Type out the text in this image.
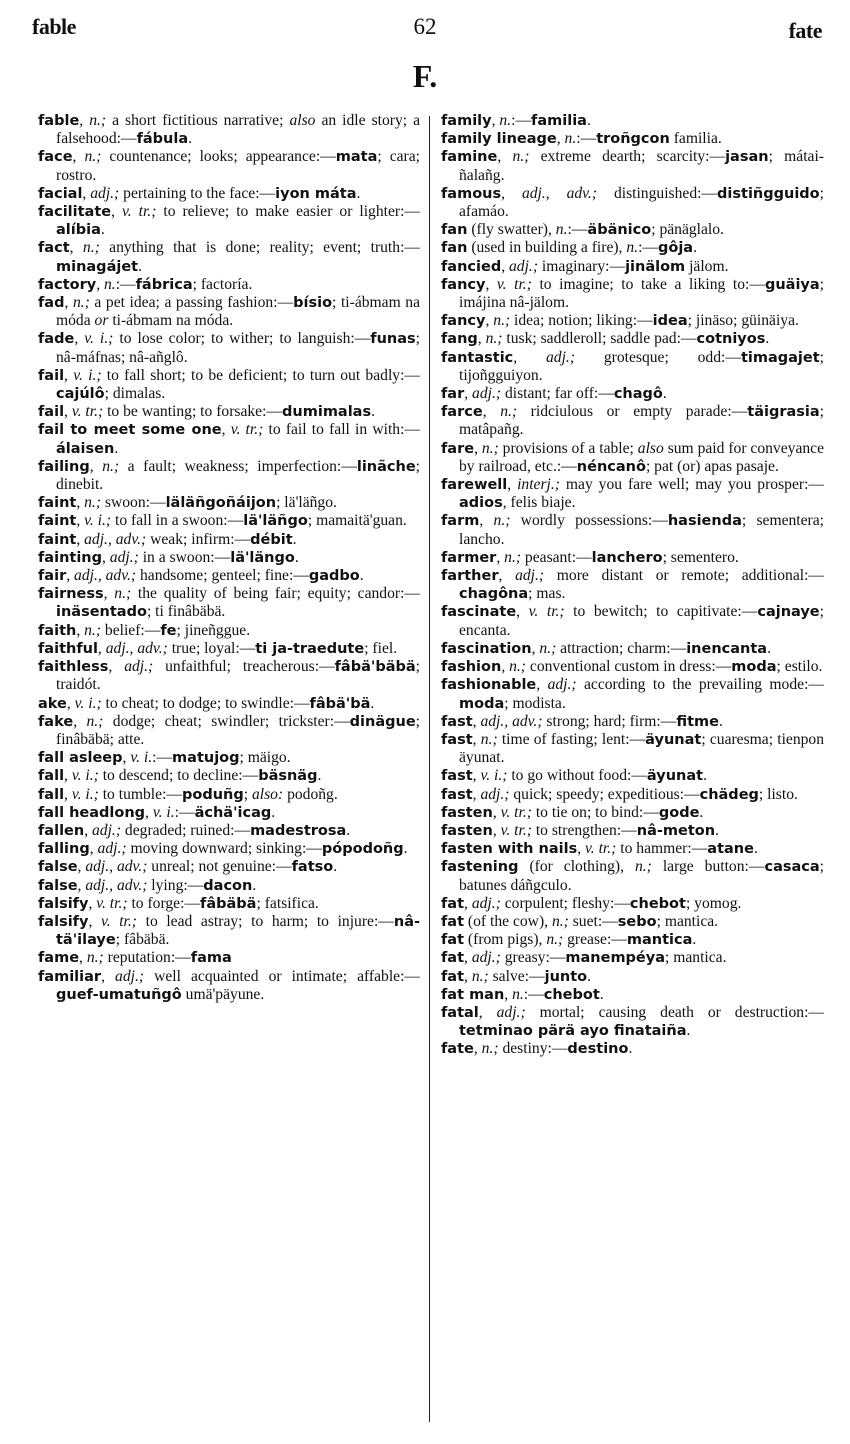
fable	62	fate
F.

fable, n.; a short fictitious narrative; also an idle story; a falsehood:—fábula.

face, n.; countenance; looks; appearance:—mata; cara; rostro.

facial, adj.; pertaining to the face:—iyon máta.

facilitate, v. tr.; to relieve; to make easier or lighter:—alíbia.

fact, n.; anything that is done; reality; event; truth:—minagájet.

factory, n.:—fábrica; factoría.

fad, n.; a pet idea; a passing fashion:—bísio; ti-ábmam na móda or ti-ábmam na móda.

fade, v. i.; to lose color; to wither; to languish:—funas; nâ-máfnas; nâ-añglô.

fail, v. i.; to fall short; to be deficient; to turn out badly:—cajúlô; dimalas.

fail, v. tr.; to be wanting; to forsake:—dumimalas.

fail to meet some one, v. tr.; to fail to fall in with:—álaisen.

failing, n.; a fault; weakness; imperfection:—linãche; dinebit.

faint, n.; swoon:—läläñgoñáijon; lä'läñgo.

faint, v. i.; to fall in a swoon:—lä'läñgo; mamaitä'guan.

faint, adj., adv.; weak; infirm:—débit.

fainting, adj.; in a swoon:—lä'längo.

fair, adj., adv.; handsome; genteel; fine:—gadbo.

fairness, n.; the quality of being fair; equity; candor:—inäsentado; ti finâbäbä.

faith, n.; belief:—fe; jineñggue.

faithful, adj., adv.; true; loyal:—ti ja-traedute; fiel.

faithless, adj.; unfaithful; treacherous:—fâbä'bäbä; traidót.

ake, v. i.; to cheat; to dodge; to swindle:—fâbä'bä.

fake, n.; dodge; cheat; swindler; trickster:—dinägue; finâbäbä; atte.

fall asleep, v. i.:—matujog; mäigo.

fall, v. i.; to descend; to decline:—bäsnäg.

fall, v. i.; to tumble:—poduñg; also: podoñg.

fall headlong, v. i.:—ächä'icag.

fallen, adj.; degraded; ruined:—madestrosa.

falling, adj.; moving downward; sinking:—pópodoñg.

false, adj., adv.; unreal; not genuine:—fatso.

false, adj., adv.; lying:—dacon.

falsify, v. tr.; to forge:—fâbäbä; fatsifica.

falsify, v. tr.; to lead astray; to harm; to injure:—nâ-tä'ilaye; fâbäbä.

fame, n.; reputation:—fama

familiar, adj.; well acquainted or intimate; affable:—guef-umatuñgô umä'päyune.

family, n.:—familia.

family lineage, n.:—troñgcon familia.

famine, n.; extreme dearth; scarcity:—jasan; mátai-ñalañg.

famous, adj., adv.; distinguished:—distiñgguido; afamáo.

fan (fly swatter), n.:—äbänico; pänäglalo.

fan (used in building a fire), n.:—gôja.

fancied, adj.; imaginary:—jinälom jälom.

fancy, v. tr.; to imagine; to take a liking to:—guäiya; imájina nâ-jälom.

fancy, n.; idea; notion; liking:—idea; jinäso; güinäiya.

fang, n.; tusk; saddleroll; saddle pad:—cotniyos.

fantastic, adj.; grotesque; odd:—timagajet; tijoñgguiyon.

far, adj.; distant; far off:—chagô.

farce, n.; ridciulous or empty parade:—täigrasia; matâpañg.

fare, n.; provisions of a table; also sum paid for conveyance by railroad, etc.:—néncanô; pat (or) apas pasaje.

farewell, interj.; may you fare well; may you prosper:—adios, felis biaje.

farm, n.; wordly possessions:—hasienda; sementera; lancho.

farmer, n.; peasant:—lanchero; sementero.

farther, adj.; more distant or remote; additional:—chagôna; mas.

fascinate, v. tr.; to bewitch; to capitivate:—cajnaye; encanta.

fascination, n.; attraction; charm:—inencanta.

fashion, n.; conventional custom in dress:—moda; estilo.

fashionable, adj.; according to the prevailing mode:—moda; modista.

fast, adj., adv.; strong; hard; firm:—fitme.

fast, n.; time of fasting; lent:—äyunat; cuaresma; tienpon äyunat.

fast, v. i.; to go without food:—äyunat.

fast, adj.; quick; speedy; expeditious:—chädeg; listo.

fasten, v. tr.; to tie on; to bind:—gode.

fasten, v. tr.; to strengthen:—nâ-meton.

fasten with nails, v. tr.; to hammer:—atane.

fastening (for clothing), n.; large button:—casaca; batunes dáñgculo.

fat, adj.; corpulent; fleshy:—chebot; yomog.

fat (of the cow), n.; suet:—sebo; mantica.

fat (from pigs), n.; grease:—mantica.

fat, adj.; greasy:—manempéya; mantica.

fat, n.; salve:—junto.

fat man, n.:—chebot.

fatal, adj.; mortal; causing death or destruction:—tetminao pärä ayo finataiña.

fate, n.; destiny:—destino.
